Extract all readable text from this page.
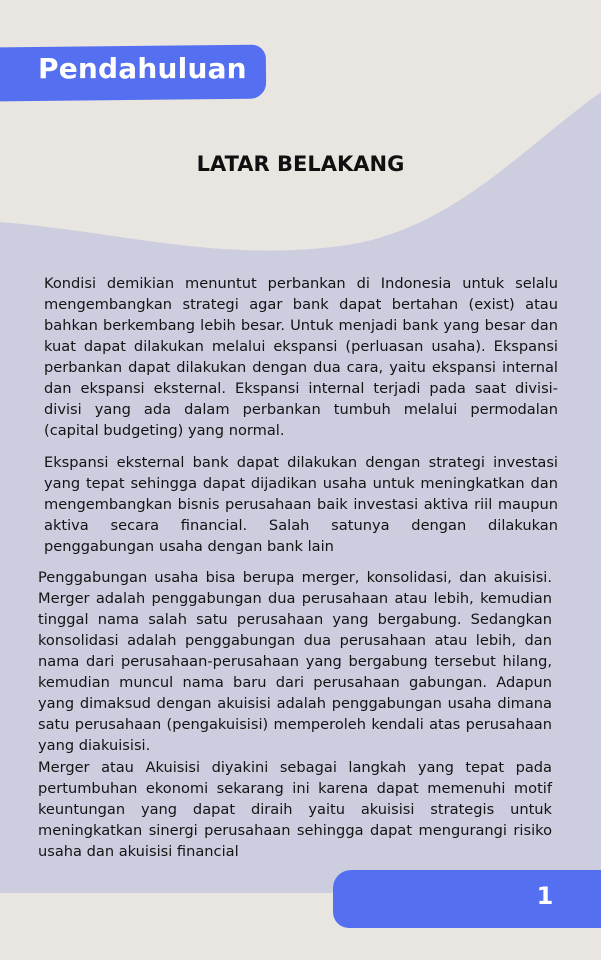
Pendahuluan
LATAR BELAKANG

Kondisi demikian menuntut perbankan di Indonesia untuk selalu mengembangkan strategi agar bank dapat bertahan (exist) atau bahkan berkembang lebih besar. Untuk menjadi bank yang besar dan kuat dapat dilakukan melalui ekspansi (perluasan usaha). Ekspansi perbankan dapat dilakukan dengan dua cara, yaitu ekspansi internal dan ekspansi eksternal. Ekspansi internal terjadi pada saat divisi-divisi yang ada dalam perbankan tumbuh melalui permodalan (capital budgeting) yang normal.

Ekspansi eksternal bank dapat dilakukan dengan strategi investasi yang tepat sehingga dapat dijadikan usaha untuk meningkatkan dan mengembangkan bisnis perusahaan baik investasi aktiva riil maupun aktiva secara financial. Salah satunya dengan dilakukan penggabungan usaha dengan bank lain

Penggabungan usaha bisa berupa merger, konsolidasi, dan akuisisi. Merger adalah penggabungan dua perusahaan atau lebih, kemudian tinggal nama salah satu perusahaan yang bergabung. Sedangkan konsolidasi adalah penggabungan dua perusahaan atau lebih, dan nama dari perusahaan-perusahaan yang bergabung tersebut hilang, kemudian muncul nama baru dari perusahaan gabungan. Adapun yang dimaksud dengan akuisisi adalah penggabungan usaha dimana satu perusahaan (pengakuisisi) memperoleh kendali atas perusahaan yang diakuisisi.

Merger atau Akuisisi diyakini sebagai langkah yang tepat pada pertumbuhan ekonomi sekarang ini karena dapat memenuhi motif keuntungan yang dapat diraih yaitu akuisisi strategis untuk meningkatkan sinergi perusahaan sehingga dapat mengurangi risiko usaha dan akuisisi financial

1
